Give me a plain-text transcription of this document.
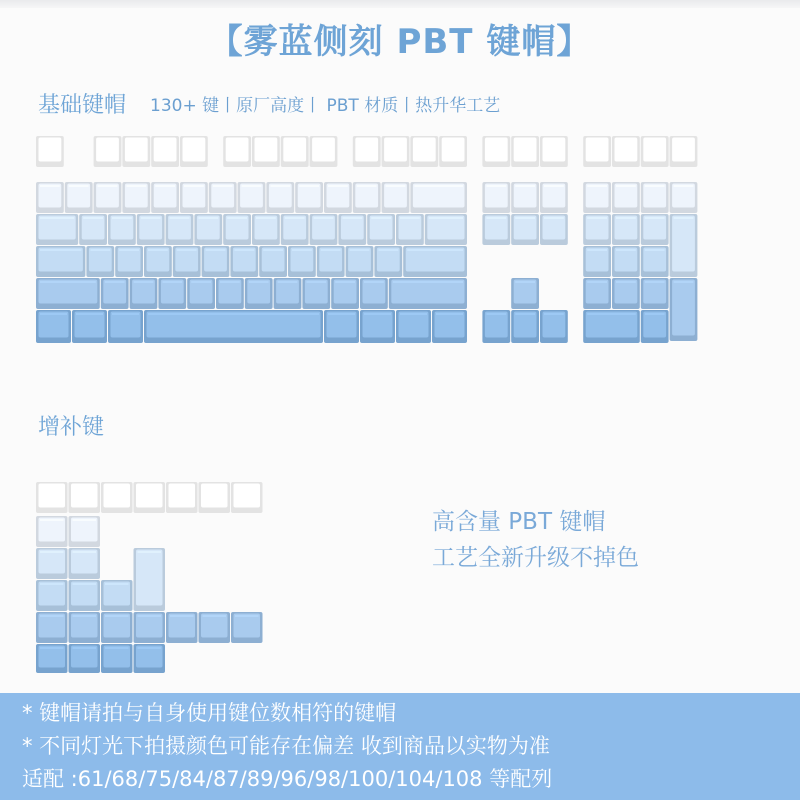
【雾蓝侧刻 PBT 键帽】
基础键帽 130+ 键丨原厂高度丨 PBT 材质丨热升华工艺
增补键
高含量 PBT 键帽
工艺全新升级不掉色
* 键帽请拍与自身使用键位数相符的键帽
* 不同灯光下拍摄颜色可能存在偏差 收到商品以实物为准
适配 :61/68/75/84/87/89/96/98/100/104/108 等配列
